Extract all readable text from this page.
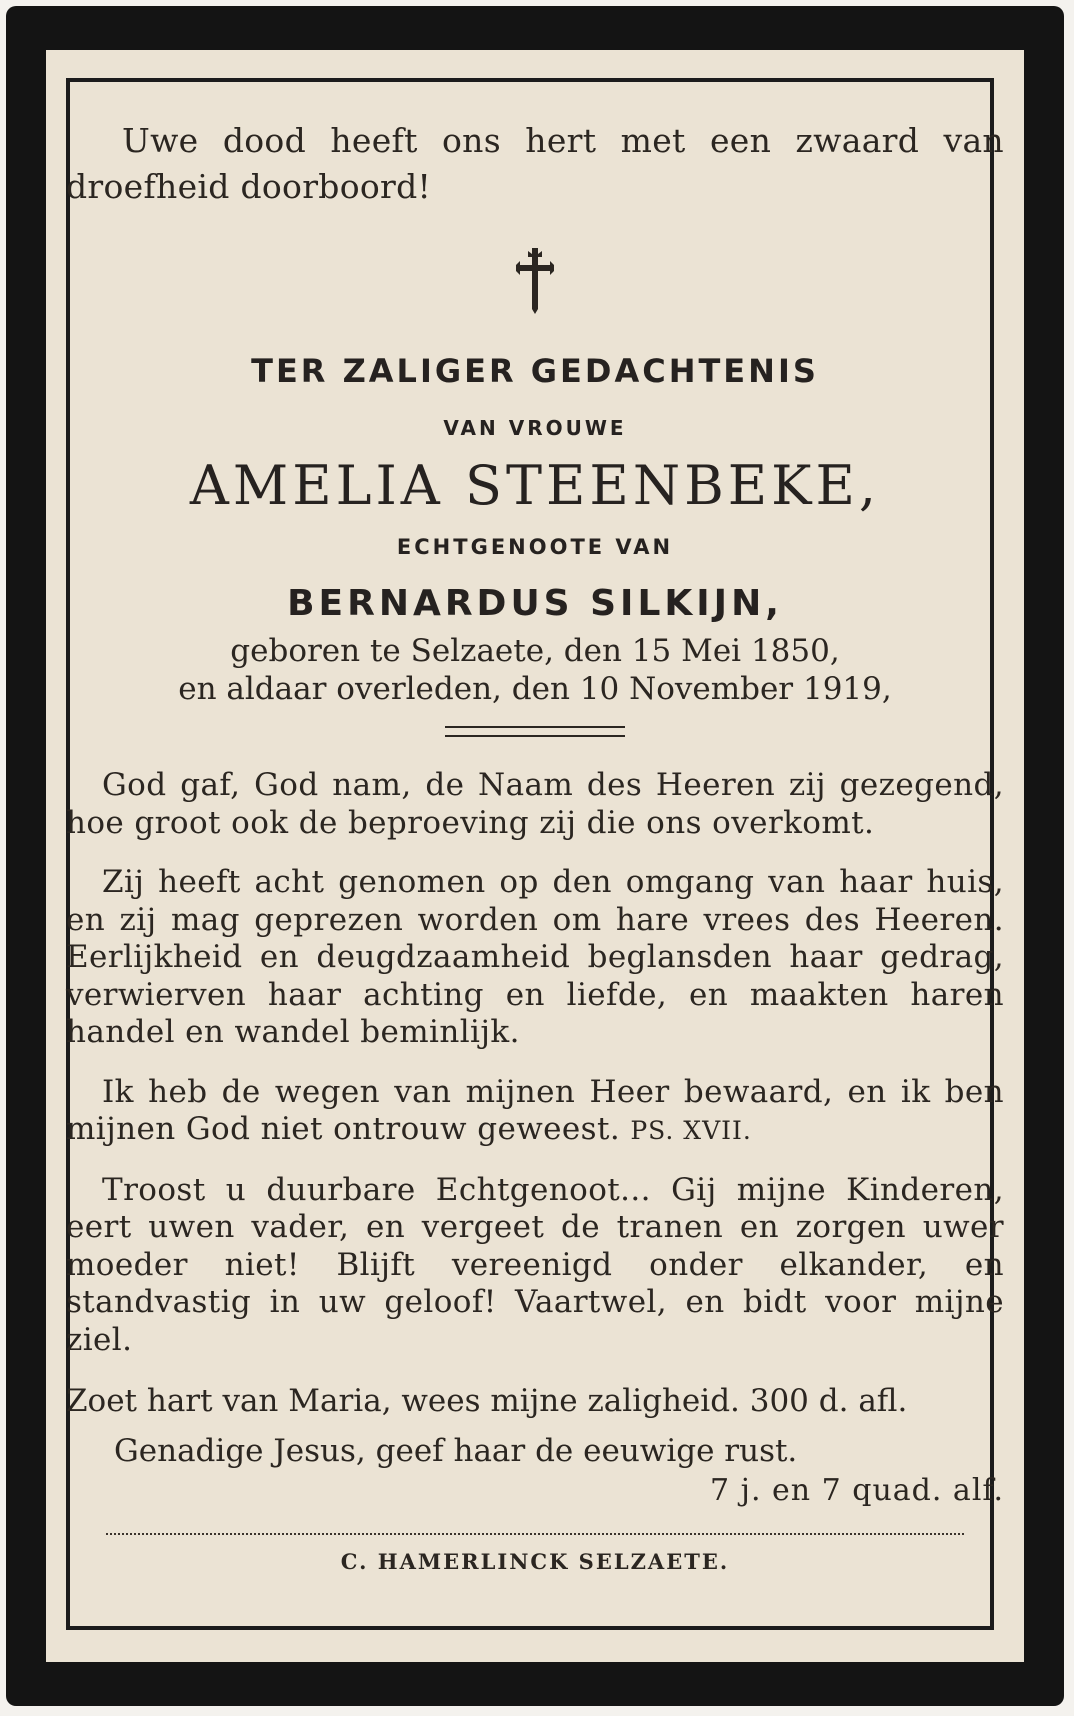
Uwe dood heeft ons hert met een zwaard van droefheid doorboord!

TER ZALIGER GEDACHTENIS
VAN VROUWE
AMELIA STEENBEKE,
ECHTGENOOTE VAN
BERNARDUS SILKIJN,
geboren te Selzaete, den 15 Mei 1850,
en aldaar overleden, den 10 November 1919,

God gaf, God nam, de Naam des Heeren zij gezegend, hoe groot ook de beproeving zij die ons overkomt.

Zij heeft acht genomen op den omgang van haar huis, en zij mag geprezen worden om hare vrees des Heeren. Eerlijkheid en deugdzaamheid beglansden haar gedrag, verwierven haar achting en liefde, en maakten haren handel en wandel beminlijk.

Ik heb de wegen van mijnen Heer bewaard, en ik ben mijnen God niet ontrouw geweest. PS. XVII.

Troost u duurbare Echtgenoot... Gij mijne Kinderen, eert uwen vader, en vergeet de tranen en zorgen uwer moeder niet! Blijft vereenigd onder elkander, en standvastig in uw geloof! Vaartwel, en bidt voor mijne ziel.

Zoet hart van Maria, wees mijne zaligheid. 300 d. afl.

Genadige Jesus, geef haar de eeuwige rust.

7 j. en 7 quad. alf.
C. HAMERLINCK SELZAETE.
